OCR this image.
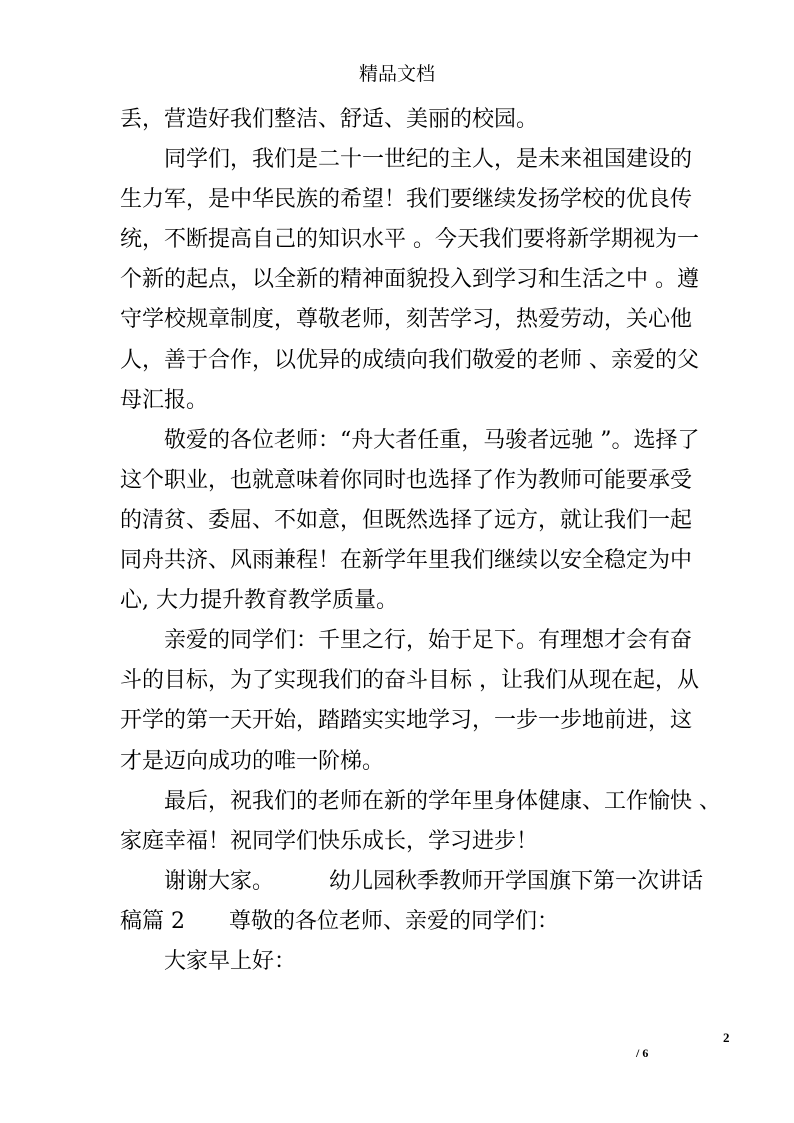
精品文档
丢，营造好我们整洁、舒适、美丽的校园。
同学们，我们是二十一世纪的主人，是未来祖国建设的
生力军，是中华民族的希望！我们要继续发扬学校的优良传
统，不断提高自己的知识水平 。今天我们要将新学期视为一
个新的起点，以全新的精神面貌投入到学习和生活之中 。遵
守学校规章制度，尊敬老师，刻苦学习，热爱劳动，关心他
人，善于合作，以优异的成绩向我们敬爱的老师 、亲爱的父
母汇报。
敬爱的各位老师：“舟大者任重，马骏者远驰 ”。选择了
这个职业，也就意味着你同时也选择了作为教师可能要承受
的清贫、委屈、不如意，但既然选择了远方，就让我们一起
同舟共济、风雨兼程！在新学年里我们继续以安全稳定为中
心, 大力提升教育教学质量。
亲爱的同学们：千里之行，始于足下。有理想才会有奋
斗的目标，为了实现我们的奋斗目标 ，让我们从现在起，从
开学的第一天开始，踏踏实实地学习，一步一步地前进，这
才是迈向成功的唯一阶梯。
最后，祝我们的老师在新的学年里身体健康、工作愉快 、
家庭幸福！祝同学们快乐成长，学习进步！
谢谢大家。　　　幼儿园秋季教师开学国旗下第一次讲话
稿篇 2　　尊敬的各位老师、亲爱的同学们：
大家早上好：
2
/ 6
